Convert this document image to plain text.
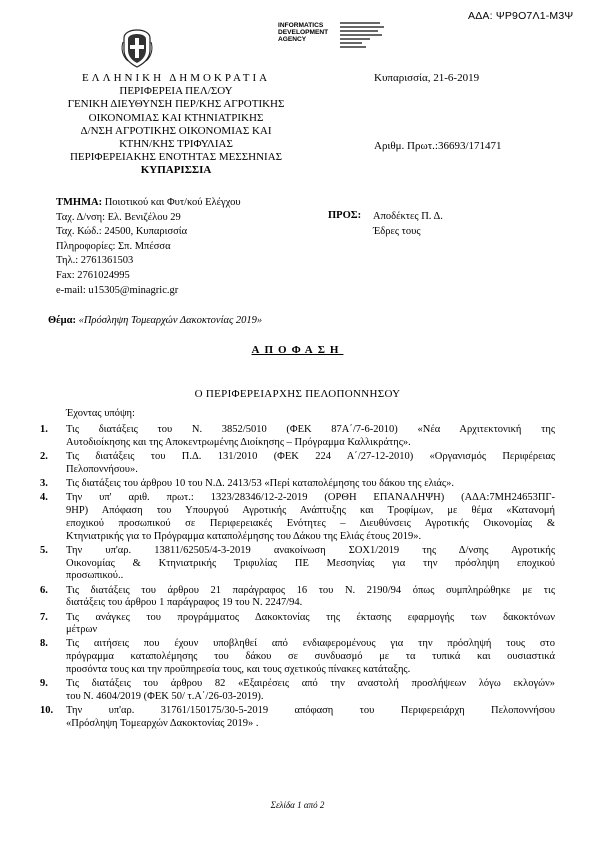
ΑΔΑ: ΨΡ9Ο7Λ1-Μ3Ψ
INFORMATICS
DEVELOPMENT
AGENCY
ΕΛΛΗΝΙΚΗ ΔΗΜΟΚΡΑΤΙΑ
ΠΕΡΙΦΕΡΕΙΑ ΠΕΛ/ΣΟΥ
ΓΕΝΙΚΗ ΔΙΕΥΘΥΝΣΗ ΠΕΡ/ΚΗΣ ΑΓΡΟΤΙΚΗΣ
ΟΙΚΟΝΟΜΙΑΣ ΚΑΙ ΚΤΗΝΙΑΤΡΙΚΗΣ
Δ/ΝΣΗ ΑΓΡΟΤΙΚΗΣ ΟΙΚΟΝΟΜΙΑΣ ΚΑΙ
ΚΤΗΝ/ΚΗΣ ΤΡΙΦΥΛΙΑΣ
ΠΕΡΙΦΕΡΕΙΑΚΗΣ ΕΝΟΤΗΤΑΣ ΜΕΣΣΗΝΙΑΣ
ΚΥΠΑΡΙΣΣΙΑ
Κυπαρισσία, 21-6-2019
Αριθμ. Πρωτ.:36693/171471
ΤΜΗΜΑ: Ποιοτικού και Φυτ/κού Ελέγχου
Ταχ. Δ/νση: Ελ. Βενιζέλου 29
Ταχ. Κώδ.: 24500, Κυπαρισσία
Πληροφορίες: Σπ. Μπέσσα
Τηλ.: 2761361503
Fax: 2761024995
e-mail: u15305@minagric.gr
ΠΡΟΣ: Αποδέκτες Π. Δ.
Έδρες τους
Θέμα: «Πρόσληψη Τομεαρχών Δακοκτονίας 2019»
ΑΠΟΦΑΣΗ
Ο ΠΕΡΙΦΕΡΕΙΑΡΧΗΣ ΠΕΛΟΠΟΝΝΗΣΟΥ
Έχοντας υπόψη:
1.	Τις διατάξεις του Ν. 3852/5010 (ΦΕΚ 87Α΄/7-6-2010) «Νέα Αρχιτεκτονική της
Αυτοδιοίκησης και της Αποκεντρωμένης Διοίκησης – Πρόγραμμα Καλλικράτης».
2.	Τις διατάξεις του Π.Δ. 131/2010 (ΦΕΚ 224 Α΄/27-12-2010) «Οργανισμός Περιφέρειας
Πελοποννήσου».
3.	Τις διατάξεις του άρθρου 10 του Ν.Δ. 2413/53 «Περί καταπολέμησης του δάκου της ελιάς».
4.	Την υπ' αριθ. πρωτ.: 1323/28346/12-2-2019 (ΟΡΘΗ ΕΠΑΝΑΛΗΨΗ) (ΑΔΑ:7ΜΗ24653ΠΓ-
9ΗΡ) Απόφαση του Υπουργού Αγροτικής Ανάπτυξης και Τροφίμων, με θέμα «Κατανομή
εποχικού προσωπικού σε Περιφερειακές Ενότητες – Διευθύνσεις Αγροτικής Οικονομίας &
Κτηνιατρικής για το Πρόγραμμα καταπολέμησης του Δάκου της Ελιάς έτους 2019».
5.	Την υπ'αρ. 13811/62505/4-3-2019 ανακοίνωση ΣΟΧ1/2019 της Δ/νσης Αγροτικής
Οικονομίας & Κτηνιατρικής Τριφυλίας ΠΕ Μεσσηνίας για την πρόσληψη εποχικού
προσωπικού..
6.	Τις διατάξεις του άρθρου 21 παράγραφος 16 του Ν. 2190/94 όπως συμπληρώθηκε με τις
διατάξεις του άρθρου 1 παράγραφος 19 του Ν. 2247/94.
7.	Τις ανάγκες του προγράμματος Δακοκτονίας της έκτασης εφαρμογής των δακοκτόνων
μέτρων
8.	Τις αιτήσεις που έχουν υποβληθεί από ενδιαφερομένους για την πρόσληψή τους στο
πρόγραμμα καταπολέμησης του δάκου σε συνδυασμό με τα τυπικά και ουσιαστικά
προσόντα τους και την προϋπηρεσία τους, και τους σχετικούς πίνακες κατάταξης.
9.	Τις διατάξεις του άρθρου 82 «Εξαιρέσεις από την αναστολή προσλήψεων λόγω εκλογών»
του Ν. 4604/2019 (ΦΕΚ 50/ τ.Α΄/26-03-2019).
10.	Την υπ'αρ. 31761/150175/30-5-2019 απόφαση του Περιφερειάρχη Πελοποννήσου
«Πρόσληψη Τομεαρχών Δακοκτονίας 2019» .
Σελίδα 1 από 2
